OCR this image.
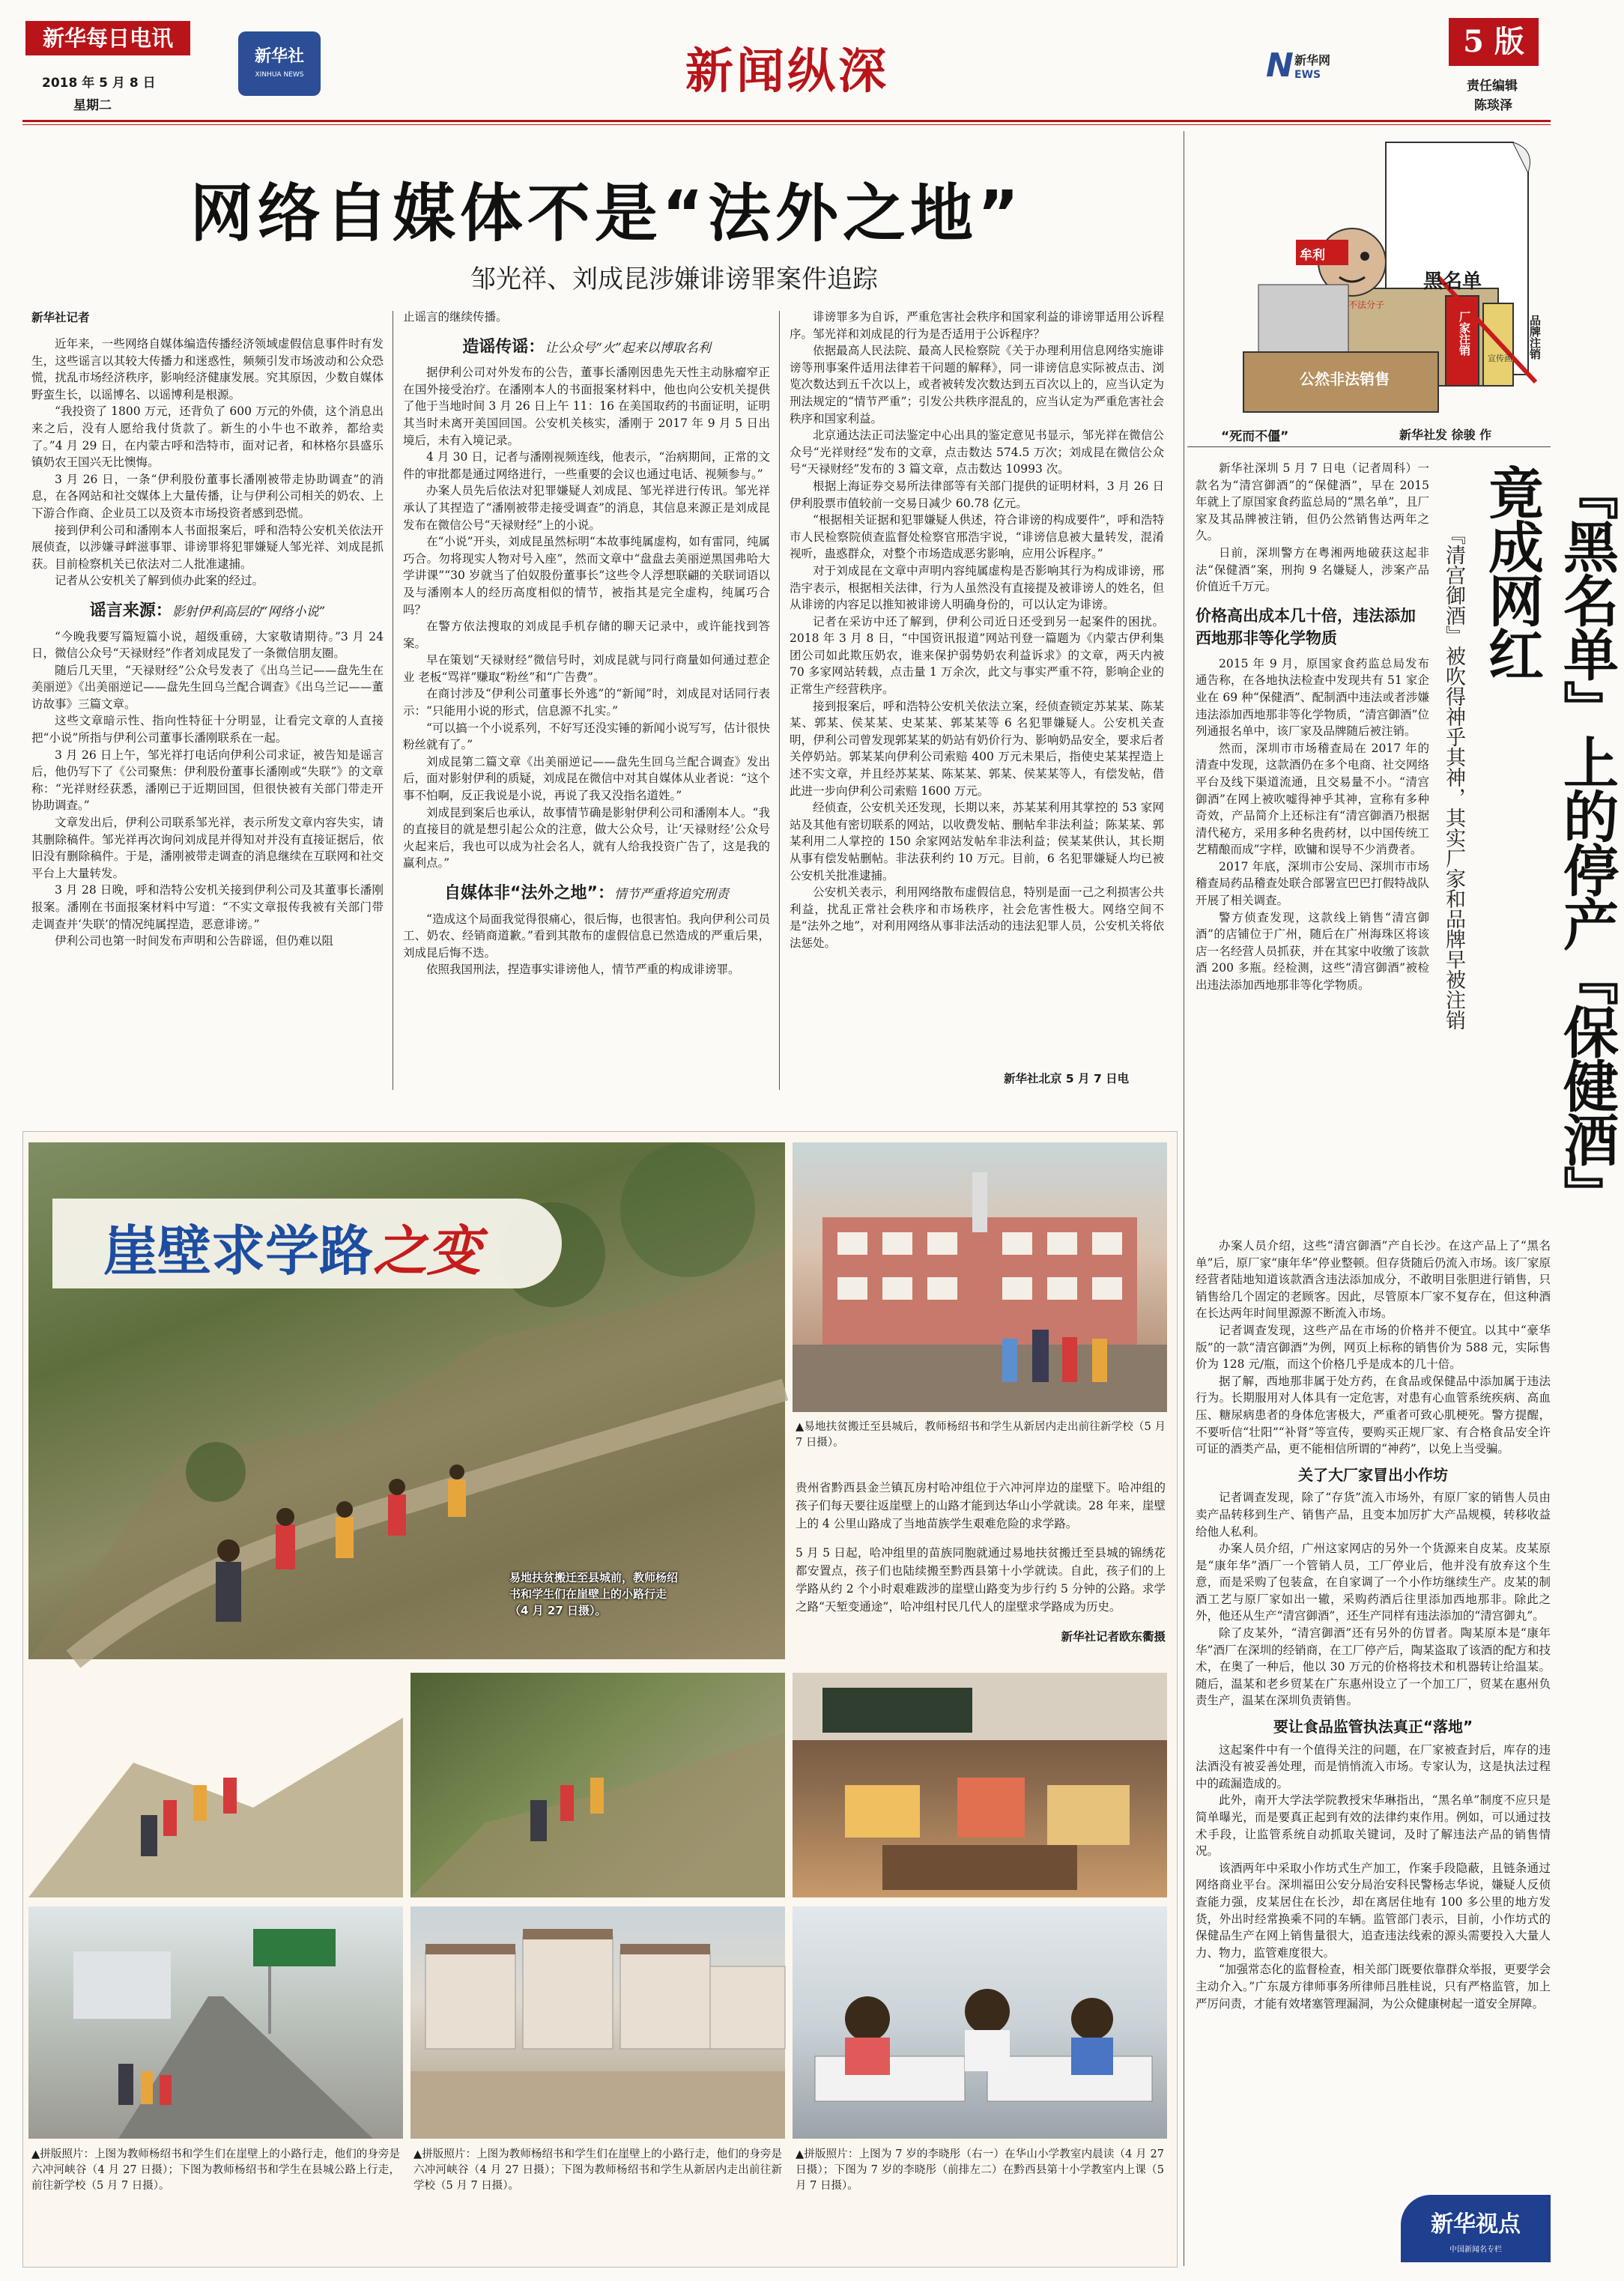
新华每日电讯
2018 年 5 月 8 日
星期二
新华社
XINHUA NEWS	新闻纵深	N 新华网
EWS
5 版
责任编辑
陈琰泽
网络自媒体不是“法外之地”
邹光祥、刘成昆涉嫌诽谤罪案件追踪
新华社记者

近年来，一些网络自媒体编造传播经济领域虚假信息事件时有发生，这些谣言以其较大传播力和迷惑性，频频引发市场波动和公众恐慌，扰乱市场经济秩序，影响经济健康发展。究其原因，少数自媒体野蛮生长，以谣博名、以谣博利是根源。

“我投资了 1800 万元，还背负了 600 万元的外债，这个消息出来之后，没有人愿给我付货款了。新生的小牛也不敢养，都给卖了。”4 月 29 日，在内蒙古呼和浩特市，面对记者，和林格尔县盛乐镇奶农王国兴无比懊悔。

3 月 26 日，一条“伊利股份董事长潘刚被带走协助调查”的消息，在各网站和社交媒体上大量传播，让与伊利公司相关的奶农、上下游合作商、企业员工以及资本市场投资者感到恐慌。

接到伊利公司和潘刚本人书面报案后，呼和浩特公安机关依法开展侦查，以涉嫌寻衅滋事罪、诽谤罪将犯罪嫌疑人邹光祥、刘成昆抓获。目前检察机关已依法对二人批准逮捕。

记者从公安机关了解到侦办此案的经过。

谣言来源：影射伊利高层的“网络小说”

“今晚我要写篇短篇小说，超级重磅，大家敬请期待。”3 月 24 日，微信公众号“天禄财经”作者刘成昆发了一条微信朋友圈。

随后几天里，“天禄财经”公众号发表了《出乌兰记——盘先生在美丽逆》《出美丽逆记——盘先生回乌兰配合调查》《出乌兰记——董访故事》三篇文章。

这些文章暗示性、指向性特征十分明显，让看完文章的人直接把“小说”所指与伊利公司董事长潘刚联系在一起。

3 月 26 日上午，邹光祥打电话向伊利公司求证，被告知是谣言后，他仍写下了《公司聚焦：伊利股份董事长潘刚或“失联”》的文章称：“光祥财经获悉，潘刚已于近期回国，但很快被有关部门带走开协助调查。”

文章发出后，伊利公司联系邹光祥，表示所发文章内容失实，请其删除稿件。邹光祥再次询问刘成昆并得知对并没有直接证据后，依旧没有删除稿件。于是，潘刚被带走调查的消息继续在互联网和社交平台上大量转发。

3 月 28 日晚，呼和浩特公安机关接到伊利公司及其董事长潘刚报案。潘刚在书面报案材料中写道：“不实文章报传我被有关部门带走调查并‘失联’的情况纯属捏造，恶意诽谤。”

伊利公司也第一时间发布声明和公告辟谣，但仍难以阻

止谣言的继续传播。

造谣传谣：让公众号“火”起来以博取名利

据伊利公司对外发布的公告，董事长潘刚因患先天性主动脉瘤窄正在国外接受治疗。在潘刚本人的书面报案材料中，他也向公安机关提供了他于当地时间 3 月 26 日上午 11：16 在美国取药的书面证明，证明其当时未离开美国回国。公安机关核实，潘刚于 2017 年 9 月 5 日出境后，未有入境记录。

4 月 30 日，记者与潘刚视频连线，他表示，“治病期间，正常的文件的审批都是通过网络进行，一些重要的会议也通过电话、视频参与。”

办案人员先后依法对犯罪嫌疑人刘成昆、邹光祥进行传讯。邹光祥承认了其捏造了“潘刚被带走接受调查”的消息，其信息来源正是刘成昆发布在微信公号“天禄财经”上的小说。

在“小说”开头，刘成昆虽然标明“本故事纯属虚构，如有雷同，纯属巧合。勿将现实人物对号入座”，然而文章中“盘盘去美丽逆黑国弗哈大学讲课”“30 岁就当了伯奴股份董事长”这些令人浮想联翩的关联词语以及与潘刚本人的经历高度相似的情节，被指其是完全虚构，纯属巧合吗？

在警方依法搜取的刘成昆手机存储的聊天记录中，或许能找到答案。

早在策划“天禄财经”微信号时，刘成昆就与同行商量如何通过惹企业 老板“骂祥”赚取“粉丝”和“广告费”。

在商讨涉及“伊利公司董事长外逃”的“新闻”时，刘成昆对话同行表示：“只能用小说的形式，信息源不扎实。”

“可以搞一个小说系列，不好写还没实锤的新闻小说写写，估计很快粉丝就有了。”

刘成昆第二篇文章《出美丽逆记——盘先生回乌兰配合调查》发出后，面对影射伊利的质疑，刘成昆在微信中对其自媒体从业者说：“这个事不怕啊，反正我说是小说，再说了我又没指名道姓。”

刘成昆到案后也承认，故事情节确是影射伊利公司和潘刚本人。“我的直接目的就是想引起公众的注意，做大公众号，让‘天禄财经’公众号火起来后，我也可以成为社会名人，就有人给我投资广告了，这是我的赢利点。”

自媒体非“法外之地”：情节严重将追究刑责

“造成这个局面我觉得很痛心，很后悔，也很害怕。我向伊利公司员工、奶农、经销商道歉。”看到其散布的虚假信息已然造成的严重后果，刘成昆后悔不迭。

依照我国刑法，捏造事实诽谤他人，情节严重的构成诽谤罪。

诽谤罪多为自诉，严重危害社会秩序和国家利益的诽谤罪适用公诉程序。邹光祥和刘成昆的行为是否适用于公诉程序？

依据最高人民法院、最高人民检察院《关于办理利用信息网络实施诽谤等刑事案件适用法律若干问题的解释》，同一诽谤信息实际被点击、浏览次数达到五千次以上，或者被转发次数达到五百次以上的，应当认定为刑法规定的“情节严重”；引发公共秩序混乱的，应当认定为严重危害社会秩序和国家利益。

北京通达法正司法鉴定中心出具的鉴定意见书显示，邹光祥在微信公众号“光祥财经”发布的文章，点击数达 574.5 万次；刘成昆在微信公众号“天禄财经”发布的 3 篇文章，点击数达 10993 次。

根据上海证券交易所法律部等有关部门提供的证明材料，3 月 26 日伊利股票市值较前一交易日减少 60.78 亿元。

“根据相关证据和犯罪嫌疑人供述，符合诽谤的构成要件”，呼和浩特市人民检察院侦查监督处检察官邢浩宇说，“诽谤信息被大量转发，混淆视听，蛊惑群众，对整个市场造成恶劣影响，应用公诉程序。”

对于刘成昆在文章中声明内容纯属虚构是否影响其行为构成诽谤，邢浩宇表示，根据相关法律，行为人虽然没有直接提及被诽谤人的姓名，但从诽谤的内容足以推知被诽谤人明确身份的，可以认定为诽谤。

记者在采访中还了解到，伊利公司近日还受到另一起案件的困扰。2018 年 3 月 8 日，“中国资讯报道”网站刊登一篇题为《内蒙古伊利集团公司如此欺压奶农，谁来保护弱势奶农利益诉求》的文章，两天内被 70 多家网站转载，点击量 1 万余次，此文与事实严重不符，影响企业的正常生产经营秩序。

接到报案后，呼和浩特公安机关依法立案，经侦查锁定苏某某、陈某某、郭某、侯某某、史某某、郭某某等 6 名犯罪嫌疑人。公安机关查明，伊利公司曾发现郭某某的奶站有奶价行为、影响奶品安全，要求后者关停奶站。郭某某向伊利公司索赔 400 万元未果后，指使史某某捏造上述不实文章，并且经苏某某、陈某某、郭某、侯某某等人，有偿发帖，借此进一步向伊利公司索赔 1600 万元。

经侦查，公安机关还发现，长期以来，苏某某利用其掌控的 53 家网站及其他有密切联系的网站，以收费发帖、删帖牟非法利益；陈某某、郭某利用二人掌控的 150 余家网站发帖牟非法利益；侯某某供认，其长期从事有偿发帖删帖。非法获利约 10 万元。目前，6 名犯罪嫌疑人均已被公安机关批准逮捕。

公安机关表示，利用网络散布虚假信息，特别是面一己之利损害公共利益，扰乱正常社会秩序和市场秩序，社会危害性极大。网络空间不是“法外之地”，对利用网络从事非法活动的违法犯罪人员，公安机关将依法惩处。

新华社北京 5 月 7 日电
牟利
黑名单
厂家注销	品牌注销
不法分子
公然非法销售
宣传画
“死而不僵”	新华社发 徐骏 作
『黑名单』上的停产『保健酒』竟成网红
『清宫御酒』被吹得神乎其神，其实厂家和品牌早被注销

新华社深圳 5 月 7 日电（记者周科）一款名为“清宫御酒”的“保健酒”，早在 2015 年就上了原国家食药监总局的“黑名单”，且厂家及其品牌被注销，但仍公然销售达两年之久。

日前，深圳警方在粤湘两地破获这起非法“保健酒”案，刑拘 9 名嫌疑人，涉案产品价值近千万元。

价格高出成本几十倍，违法添加西地那非等化学物质

2015 年 9 月，原国家食药监总局发布通告称，在各地执法检查中发现共有 51 家企业在 69 种“保健酒”、配制酒中违法或者涉嫌违法添加西地那非等化学物质，“清宫御酒”位列通报名单中，该厂家及品牌随后被注销。

然而，深圳市市场稽查局在 2017 年的清查中发现，这款酒仍在多个电商、社交网络平台及线下渠道流通，且交易量不小。“清宫御酒”在网上被吹嘘得神乎其神，宣称有多种奇效，产品简介上还标注有“清宫御酒乃根据清代秘方，采用多种名贵药材，以中国传统工艺精酿而成”字样，欧镛和误导不少消费者。

2017 年底，深圳市公安局、深圳市市场稽查局药品稽查处联合部署宣巴巴打假特战队开展了相关调查。

警方侦查发现，这款线上销售“清宫御酒”的店铺位于广州，随后在广州海珠区将该店一名经营人员抓获，并在其家中收缴了该款酒 200 多瓶。经检测，这些“清宫御酒”被检出违法添加西地那非等化学物质。

办案人员介绍，这些“清宫御酒”产自长沙。在这产品上了“黑名单”后，原厂家“康年华”停业整顿。但存货随后仍流入市场。该厂家原经营者陆地知道该款酒含违法添加成分，不敢明目张胆进行销售，只销售给几个固定的老顾客。因此，尽管原本厂家不复存在，但这种酒在长达两年时间里源源不断流入市场。

记者调查发现，这些产品在市场的价格并不便宜。以其中“豪华版”的一款“清宫御酒”为例，网页上标称的销售价为 588 元，实际售价为 128 元/瓶，而这个价格几乎是成本的几十倍。

据了解，西地那非属于处方药，在食品或保健品中添加属于违法行为。长期服用对人体具有一定危害，对患有心血管系统疾病、高血压、糖尿病患者的身体危害极大，严重者可致心肌梗死。警方提醒，不要听信“壮阳”“补肾”等宣传，要购买正规厂家、有合格食品安全许可证的酒类产品，更不能相信所谓的“神药”，以免上当受骗。

关了大厂家冒出小作坊

记者调查发现，除了“存货”流入市场外，有原厂家的销售人员由卖产品转移到生产、销售产品，且变本加厉扩大产品规模，转移收益给他人私利。

办案人员介绍，广州这家网店的另外一个货源来自皮某。皮某原是“康年华”酒厂一个管销人员，工厂停业后，他并没有放弃这个生意，而是采购了包装盒，在自家调了一个小作坊继续生产。皮某的制酒工艺与原厂家如出一辙，采购药酒后往里添加西地那非。除此之外，他还从生产“清宫御酒”，还生产同样有违法添加的“清宫御丸”。

除了皮某外，“清宫御酒”还有另外的仿冒者。陶某原本是“康年华”酒厂在深圳的经销商，在工厂停产后，陶某盗取了该酒的配方和技术，在奥了一种后，他以 30 万元的价格将技术和机器转让给温某。随后，温某和老乡贸某在广东惠州设立了一个加工厂，贸某在惠州负责生产，温某在深圳负责销售。

要让食品监管执法真正“落地”

这起案件中有一个值得关注的问题，在厂家被查封后，库存的违法酒没有被妥善处理，而是悄悄流入市场。专家认为，这是执法过程中的疏漏造成的。

此外，南开大学法学院教授宋华琳指出，“黑名单”制度不应只是简单曝光，而是要真正起到有效的法律约束作用。例如，可以通过技术手段，让监管系统自动抓取关键词，及时了解违法产品的销售情况。

该酒两年中采取小作坊式生产加工，作案手段隐蔽，且链条通过网络商业平台。深圳福田公安分局治安科民警杨志华说，嫌疑人反侦查能力强，皮某居住在长沙，却在离居住地有 100 多公里的地方发货，外出时经常换乘不同的车辆。监管部门表示，目前，小作坊式的保健品生产在网上销售量很大，追查违法线索的源头需要投入大量人力、物力，监管难度很大。

“加强常态化的监督检查，相关部门既要依靠群众举报，更要学会主动介入。”广东晟方律师事务所律师吕胜桂说，只有严格监管，加上严厉问责，才能有效堵塞管理漏洞，为公众健康树起一道安全屏障。

新华视点
中国新闻名专栏
崖壁求学路之变
易地扶贫搬迁至县城前，教师杨绍书和学生们在崖壁上的小路行走（4 月 27 日摄）。
▲易地扶贫搬迁至县城后，教师杨绍书和学生从新居内走出前往新学校（5 月 7 日摄）。

贵州省黔西县金兰镇瓦房村哈冲组位于六冲河岸边的崖壁下。哈冲组的孩子们每天要往返崖壁上的山路才能到达华山小学就读。28 年来，崖壁上的 4 公里山路成了当地苗族学生艰难危险的求学路。

5 月 5 日起，哈冲组里的苗族同胞就通过易地扶贫搬迁至县城的锦绣花都安置点，孩子们也陆续搬至黔西县第十小学就读。自此，孩子们的上学路从约 2 个小时艰难跋涉的崖壁山路变为步行约 5 分钟的公路。求学之路“天堑变通途”，哈冲组村民几代人的崖壁求学路成为历史。

新华社记者欧东衢摄
▲拼版照片：上图为教师杨绍书和学生们在崖壁上的小路行走，他们的身旁是六冲河峡谷（4 月 27 日摄）；下图为教师杨绍书和学生在县城公路上行走，前往新学校（5 月 7 日摄）。
▲拼版照片：上图为教师杨绍书和学生们在崖壁上的小路行走，他们的身旁是六冲河峡谷（4 月 27 日摄）；下图为教师杨绍书和学生从新居内走出前往新学校（5 月 7 日摄）。
▲拼版照片：上图为 7 岁的李晓彤（右一）在华山小学教室内晨读（4 月 27 日摄）；下图为 7 岁的李晓彤（前排左二）在黔西县第十小学教室内上课（5 月 7 日摄）。
